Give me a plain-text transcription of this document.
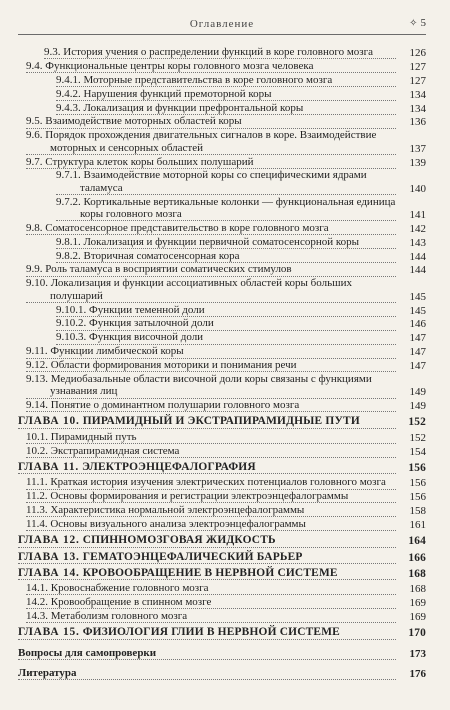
Оглавление	✧ 5
9.3. История учения о распределении функций в коре головного мозга	126
9.4. Функциональные центры коры головного мозга человека	127
9.4.1. Моторные представительства в коре головного мозга	127
9.4.2. Нарушения функций премоторной коры	134
9.4.3. Локализация и функции префронтальной коры	134
9.5. Взаимодействие моторных областей коры	136
9.6. Порядок прохождения двигательных сигналов в коре. Взаимодействие моторных и сенсорных областей	137
9.7. Структура клеток коры больших полушарий	139
9.7.1. Взаимодействие моторной коры со специфическими ядрами таламуса	140
9.7.2. Кортикальные вертикальные колонки — функциональная единица коры головного мозга	141
9.8. Соматосенсорное представительство в коре головного мозга	142
9.8.1. Локализация и функции первичной соматосенсорной коры	143
9.8.2. Вторичная соматосенсорная кора	144
9.9. Роль таламуса в восприятии соматических стимулов	144
9.10. Локализация и функции ассоциативных областей коры больших полушарий	145
9.10.1. Функции теменной доли	145
9.10.2. Функция затылочной доли	146
9.10.3. Функция височной доли	147
9.11. Функции лимбической коры	147
9.12. Области формирования моторики и понимания речи	147
9.13. Медиобазальные области височной доли коры связаны с функциями узнавания лиц	149
9.14. Понятие о доминантном полушарии головного мозга	149
ГЛАВА 10. ПИРАМИДНЫЙ И ЭКСТРАПИРАМИДНЫЕ ПУТИ	152
10.1. Пирамидный путь	152
10.2. Экстрапирамидная система	154
ГЛАВА 11. ЭЛЕКТРОЭНЦЕФАЛОГРАФИЯ	156
11.1. Краткая история изучения электрических потенциалов головного мозга	156
11.2. Основы формирования и регистрации электроэнцефалограммы	156
11.3. Характеристика нормальной электроэнцефалограммы	158
11.4. Основы визуального анализа электроэнцефалограммы	161
ГЛАВА 12. СПИННОМОЗГОВАЯ ЖИДКОСТЬ	164
ГЛАВА 13. ГЕМАТОЭНЦЕФАЛИЧЕСКИЙ БАРЬЕР	166
ГЛАВА 14. КРОВООБРАЩЕНИЕ В НЕРВНОЙ СИСТЕМЕ	168
14.1. Кровоснабжение головного мозга	168
14.2. Кровообращение в спинном мозге	169
14.3. Метаболизм головного мозга	169
ГЛАВА 15. ФИЗИОЛОГИЯ ГЛИИ В НЕРВНОЙ СИСТЕМЕ	170
Вопросы для самопроверки	173
Литература	176
